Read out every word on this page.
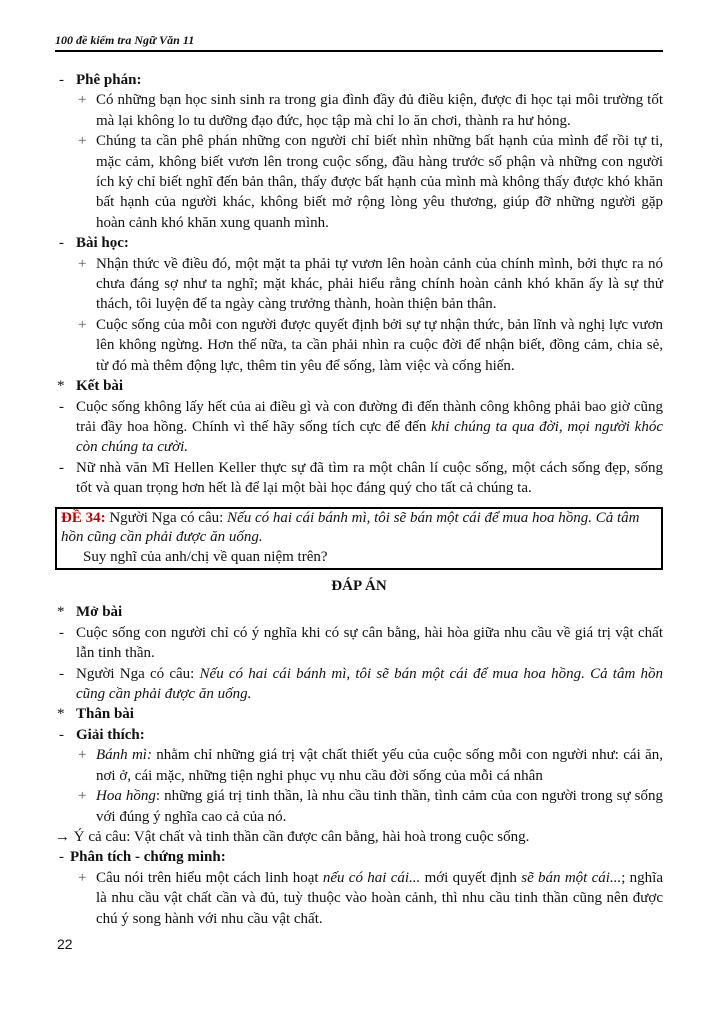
100 đề kiểm tra Ngữ Văn 11
- Phê phán:
+ Có những bạn học sinh sinh ra trong gia đình đầy đủ điều kiện, được đi học tại môi trường tốt mà lại không lo tu dưỡng đạo đức, học tập mà chỉ lo ăn chơi, thành ra hư hỏng.
+ Chúng ta cần phê phán những con người chỉ biết nhìn những bất hạnh của mình để rồi tự ti, mặc cảm, không biết vươn lên trong cuộc sống, đầu hàng trước số phận và những con người ích kỷ chỉ biết nghĩ đến bản thân, thấy được bất hạnh của mình mà không thấy được khó khăn bất hạnh của người khác, không biết mở rộng lòng yêu thương, giúp đỡ những người gặp hoàn cảnh khó khăn xung quanh mình.
- Bài học:
+ Nhận thức về điều đó, một mặt ta phải tự vươn lên hoàn cảnh của chính mình, bởi thực ra nó chưa đáng sợ như ta nghĩ; mặt khác, phải hiểu rằng chính hoàn cảnh khó khăn ấy là sự thử thách, tôi luyện để ta ngày càng trưởng thành, hoàn thiện bản thân.
+ Cuộc sống của mỗi con người được quyết định bởi sự tự nhận thức, bản lĩnh và nghị lực vươn lên không ngừng. Hơn thế nữa, ta cần phải nhìn ra cuộc đời để nhận biết, đồng cảm, chia sẻ, từ đó mà thêm động lực, thêm tin yêu để sống, làm việc và cống hiến.
* Kết bài
- Cuộc sống không lấy hết của ai điều gì và con đường đi đến thành công không phải bao giờ cũng trải đầy hoa hồng. Chính vì thế hãy sống tích cực để đến khi chúng ta qua đời, mọi người khóc còn chúng ta cười.
- Nữ nhà văn Mĩ Hellen Keller thực sự đã tìm ra một chân lí cuộc sống, một cách sống đẹp, sống tốt và quan trọng hơn hết là để lại một bài học đáng quý cho tất cả chúng ta.
ĐỀ 34: Người Nga có câu: Nếu có hai cái bánh mì, tôi sẽ bán một cái để mua hoa hồng. Cả tâm hồn cũng cần phải được ăn uống.
Suy nghĩ của anh/chị về quan niệm trên?
ĐÁP ÁN
* Mở bài
- Cuộc sống con người chỉ có ý nghĩa khi có sự cân bằng, hài hòa giữa nhu cầu về giá trị vật chất lẫn tinh thần.
- Người Nga có câu: Nếu có hai cái bánh mì, tôi sẽ bán một cái để mua hoa hồng. Cả tâm hồn cũng cần phải được ăn uống.
* Thân bài
- Giải thích:
+ Bánh mì: nhằm chỉ những giá trị vật chất thiết yếu của cuộc sống mỗi con người như: cái ăn, nơi ở, cái mặc, những tiện nghi phục vụ nhu cầu đời sống của mỗi cá nhân
+ Hoa hồng: những giá trị tinh thần, là nhu cầu tinh thần, tình cảm của con người trong sự sống với đúng ý nghĩa cao cả của nó.
→ Ý cả câu: Vật chất và tinh thần cần được cân bằng, hài hoà trong cuộc sống.
- Phân tích - chứng minh:
+ Câu nói trên hiểu một cách linh hoạt nếu có hai cái... mới quyết định sẽ bán một cái...; nghĩa là nhu cầu vật chất cần và đủ, tuỳ thuộc vào hoàn cảnh, thì nhu cầu tinh thần cũng nên được chú ý song hành với nhu cầu vật chất.
22
